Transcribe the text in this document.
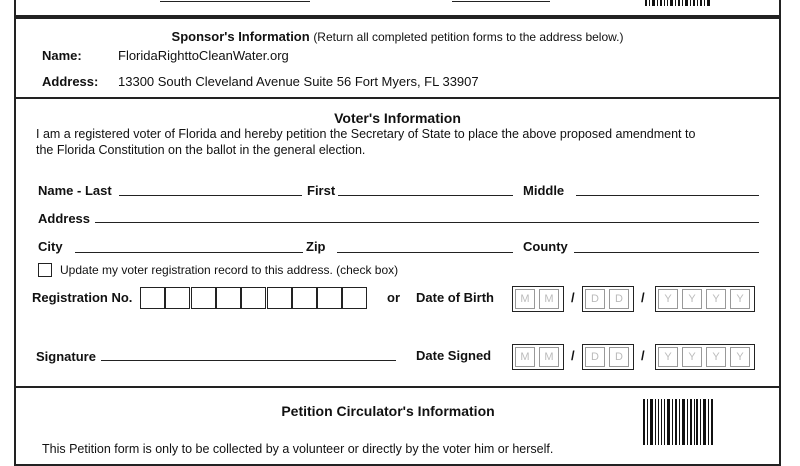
Sponsor's Information (Return all completed petition forms to the address below.)
Name:	FloridaRighttoCleanWater.org
Address: 13300 South Cleveland Avenue Suite 56 Fort Myers, FL 33907
Voter's Information
I am a registered voter of Florida and hereby petition the Secretary of State to place the above proposed amendment to
the Florida Constitution on the ballot in the general election.
Name - Last	First	Middle
Address
City	Zip	County
Update my voter registration record to this address. (check box)
Registration No.	or Date of Birth	M	M	/	D	D	/	Y	Y	Y	Y
Signature	Date Signed	M	M	/	D	D	/	Y	Y	Y	Y
Petition Circulator's Information
This Petition form is only to be collected by a volunteer or directly by the voter him or herself.
